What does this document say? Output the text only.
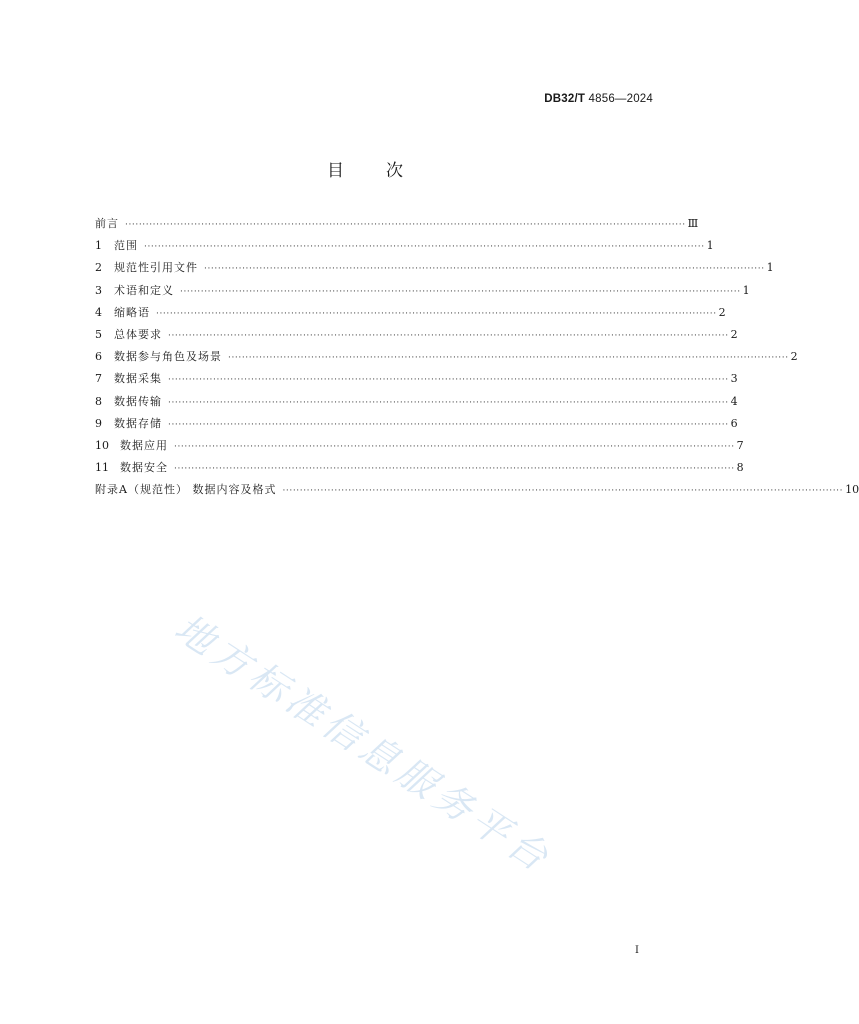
DB32/T 4856—2024
目 次
前言 ·································································································································································· Ⅲ
1	范围 ·································································································································································· 1
2	规范性引用文件 ·································································································································································· 1
3	术语和定义 ·································································································································································· 1
4	缩略语 ·································································································································································· 2
5	总体要求 ·································································································································································· 2
6	数据参与角色及场景 ·································································································································································· 2
7	数据采集 ·································································································································································· 3
8	数据传输 ·································································································································································· 4
9	数据存储 ·································································································································································· 6
10	数据应用 ·································································································································································· 7
11	数据安全 ·································································································································································· 8
附录A（规范性） 数据内容及格式 ·································································································································································· 10
地方标准信息服务平台
I
